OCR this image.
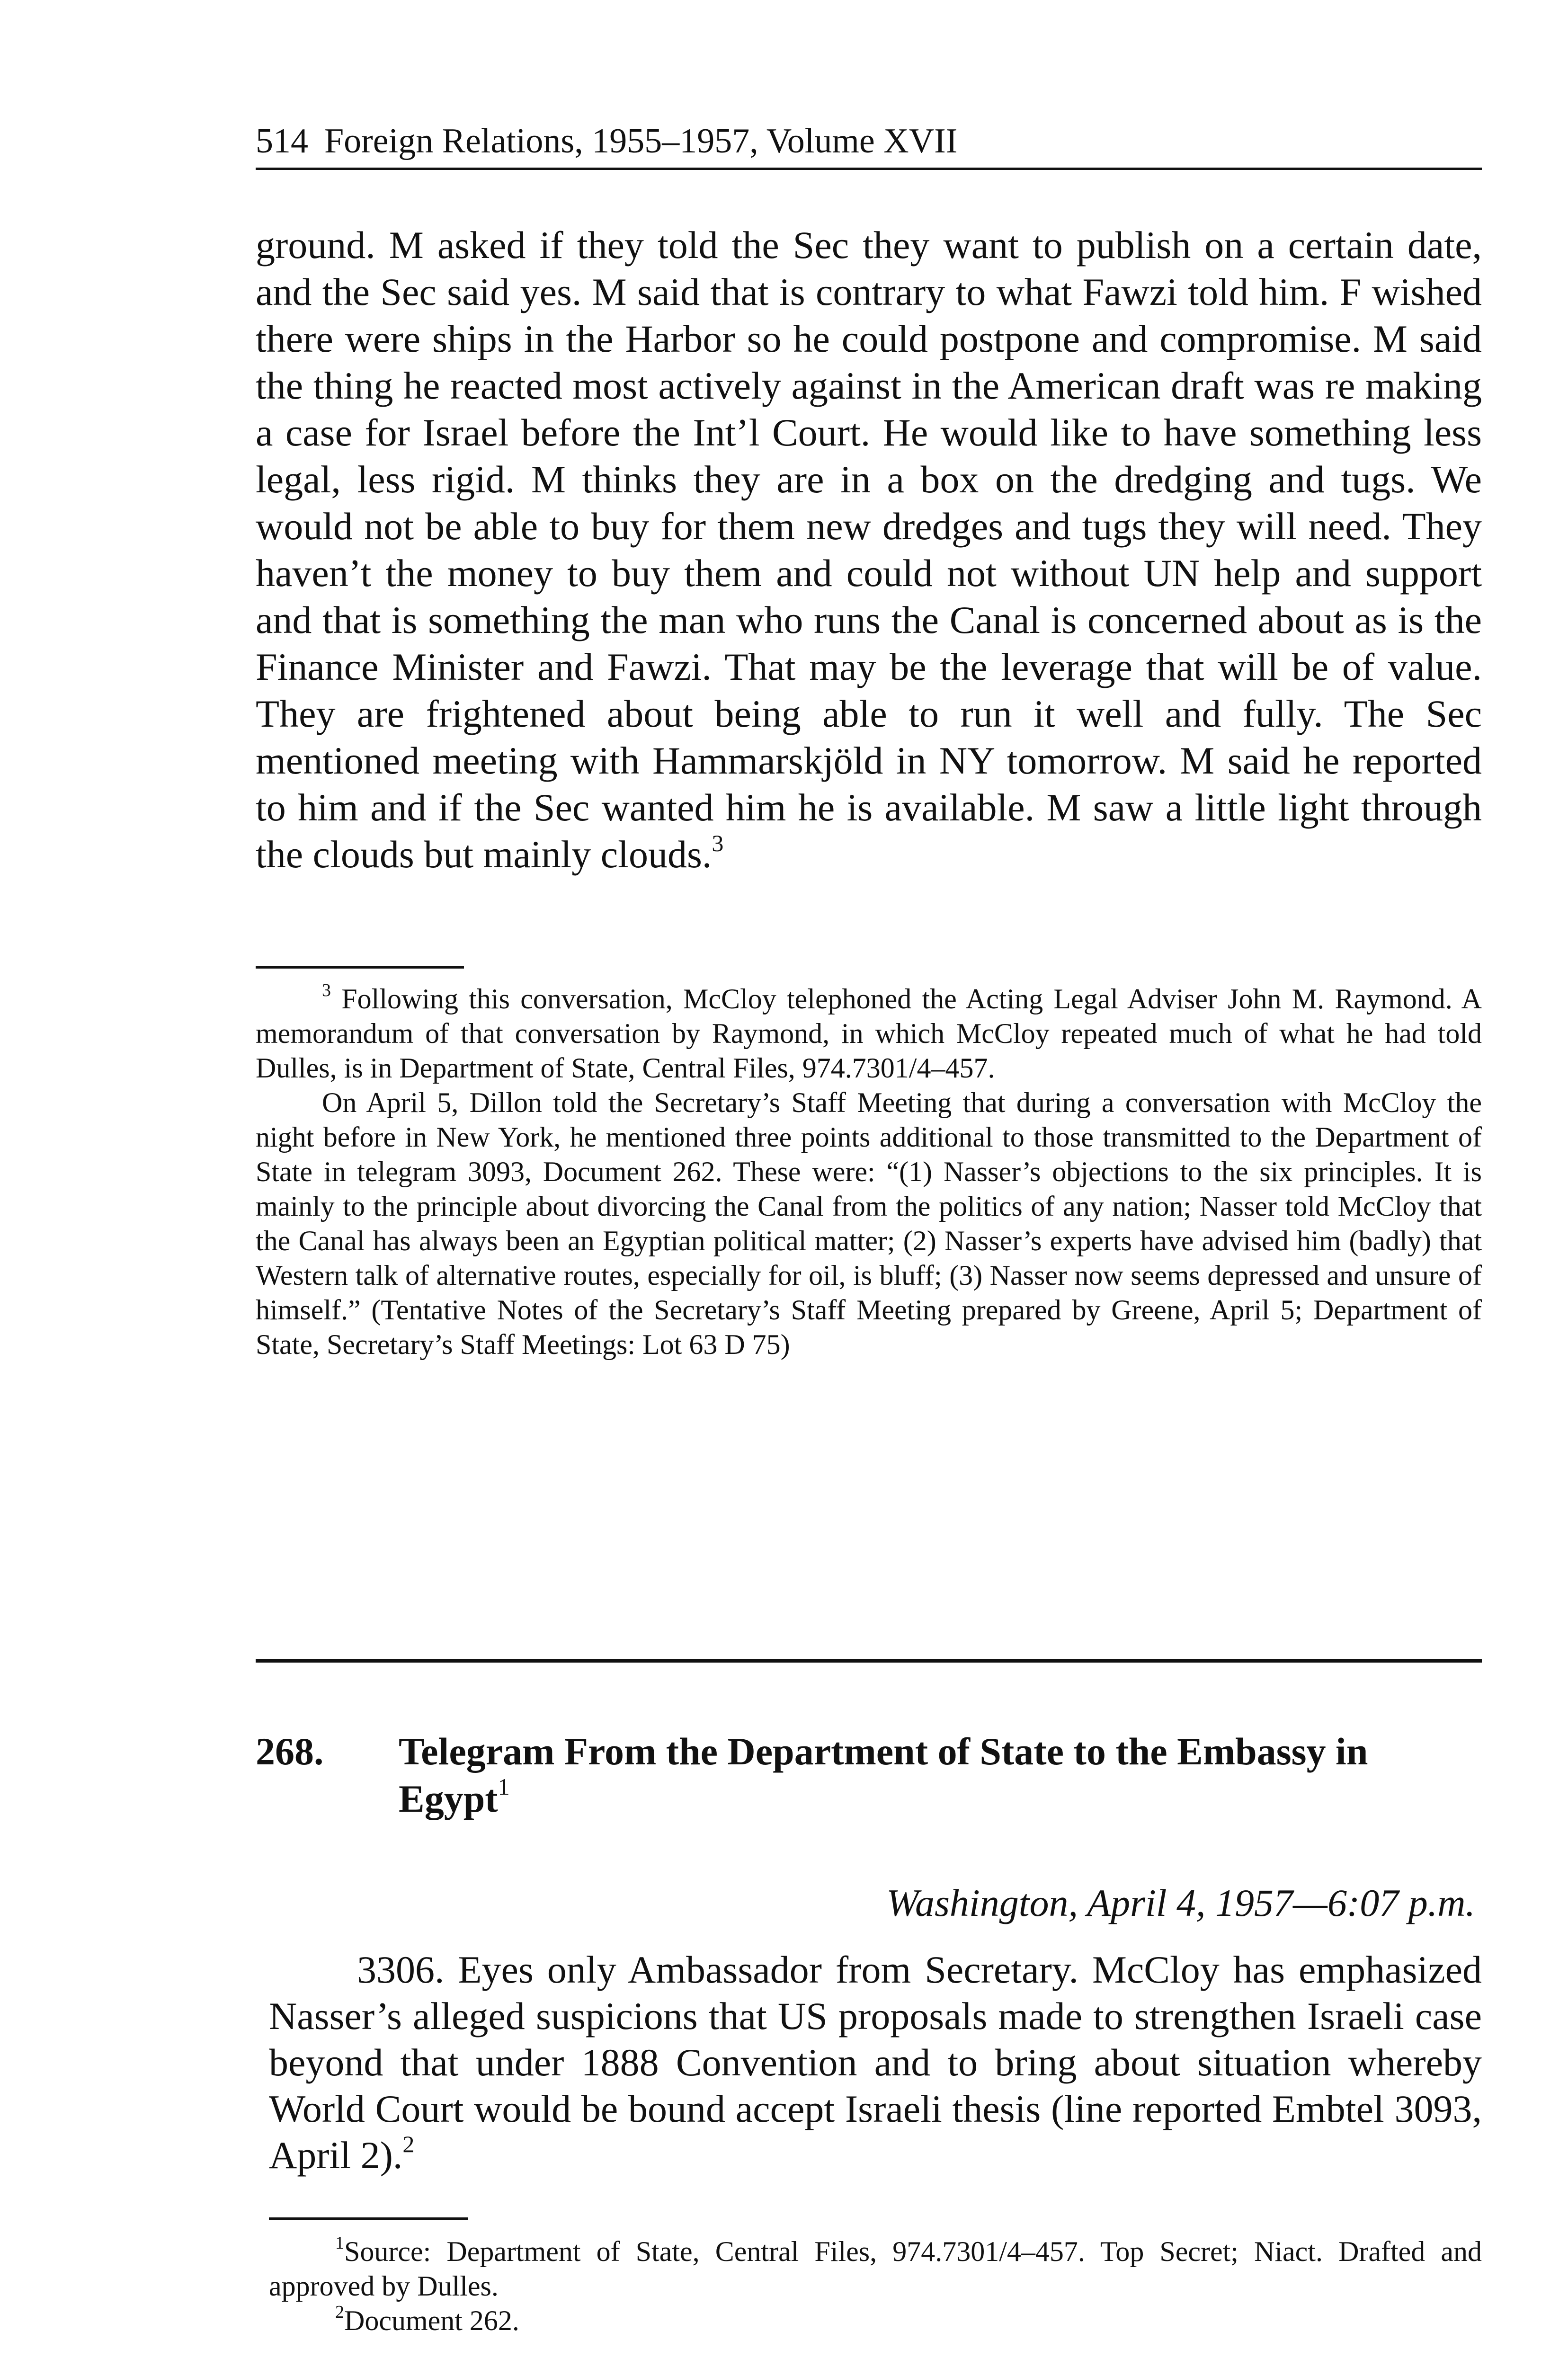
514 Foreign Relations, 1955–1957, Volume XVII
ground. M asked if they told the Sec they want to publish on a certain date, and the Sec said yes. M said that is contrary to what Fawzi told him. F wished there were ships in the Harbor so he could postpone and compromise. M said the thing he reacted most actively against in the American draft was re making a case for Israel before the Int’l Court. He would like to have something less legal, less rigid. M thinks they are in a box on the dredging and tugs. We would not be able to buy for them new dredges and tugs they will need. They haven’t the money to buy them and could not without UN help and support and that is something the man who runs the Canal is concerned about as is the Finance Minister and Fawzi. That may be the leverage that will be of value. They are frightened about being able to run it well and fully. The Sec mentioned meeting with Hammarskjöld in NY tomorrow. M said he reported to him and if the Sec wanted him he is available. M saw a little light through the clouds but mainly clouds.$^3$

$^3$ Following this conversation, McCloy telephoned the Acting Legal Adviser John M. Raymond. A memorandum of that conversation by Raymond, in which McCloy repeated much of what he had told Dulles, is in Department of State, Central Files, 974.7301/4–457.

On April 5, Dillon told the Secretary’s Staff Meeting that during a conversation with McCloy the night before in New York, he mentioned three points additional to those transmitted to the Department of State in telegram 3093, Document 262. These were: “(1) Nasser’s objections to the six principles. It is mainly to the principle about divorcing the Canal from the politics of any nation; Nasser told McCloy that the Canal has always been an Egyptian political matter; (2) Nasser’s experts have advised him (badly) that Western talk of alternative routes, especially for oil, is bluff; (3) Nasser now seems depressed and unsure of himself.” (Tentative Notes of the Secretary’s Staff Meeting prepared by Greene, April 5; Department of State, Secretary’s Staff Meetings: Lot 63 D 75)

268.	Telegram From the Department of State to the Embassy in Egypt$^1$
Washington, April 4, 1957—6:07 p.m.

3306. Eyes only Ambassador from Secretary. McCloy has emphasized Nasser’s alleged suspicions that US proposals made to strengthen Israeli case beyond that under 1888 Convention and to bring about situation whereby World Court would be bound accept Israeli thesis (line reported Embtel 3093, April 2).$^2$

$^1$Source: Department of State, Central Files, 974.7301/4–457. Top Secret; Niact. Drafted and approved by Dulles.

$^2$Document 262.
